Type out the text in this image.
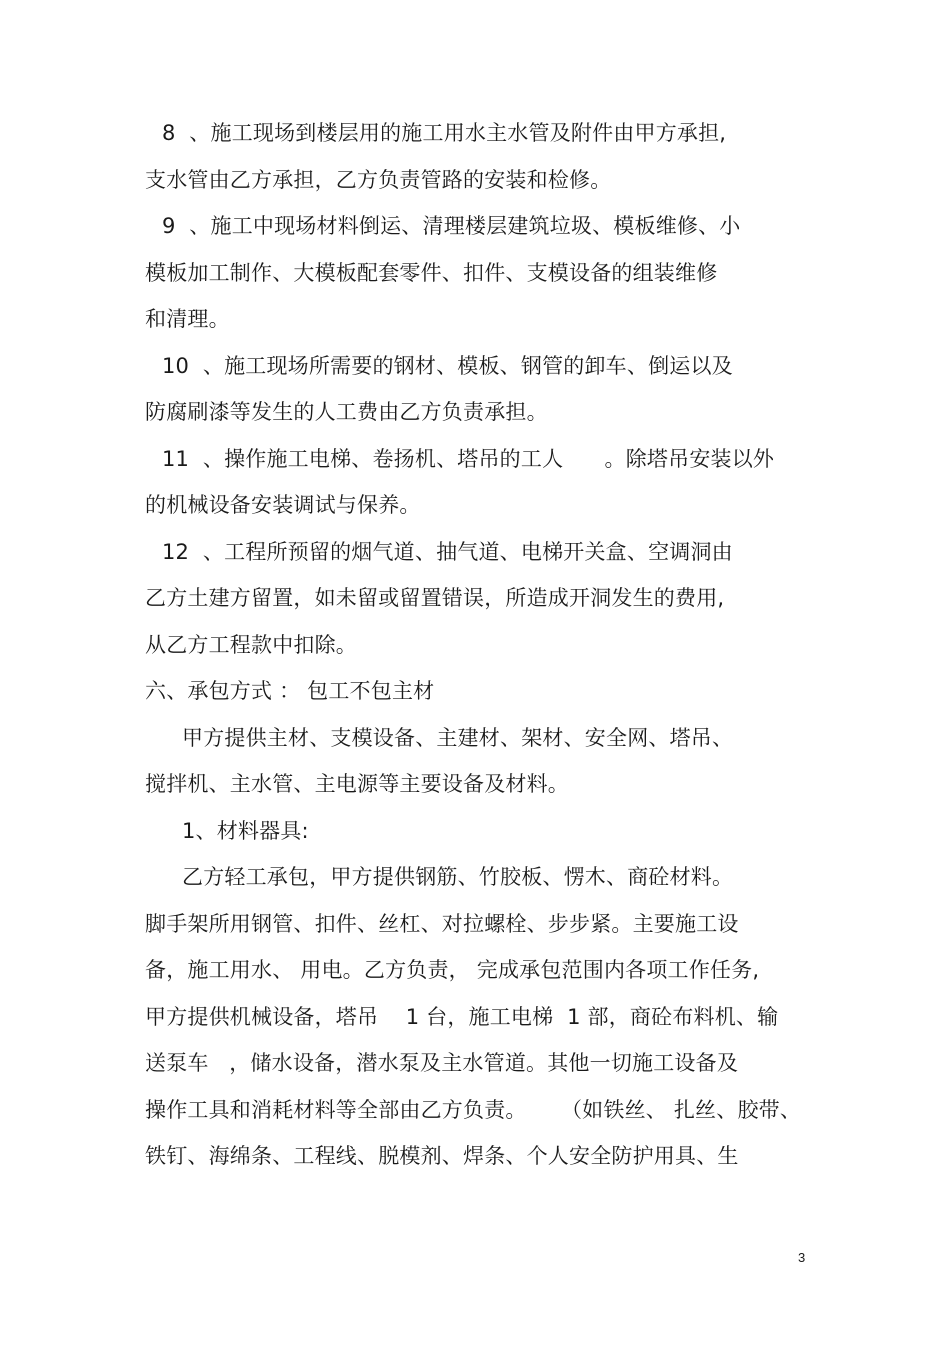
8  、施工现场到楼层用的施工用水主水管及附件由甲方承担,
支水管由乙方承担，乙方负责管路的安装和检修。
9  、施工中现场材料倒运、清理楼层建筑垃圾、模板维修、小
模板加工制作、大模板配套零件、扣件、支模设备的组装维修
和清理。
10  、施工现场所需要的钢材、模板、钢管的卸车、倒运以及
防腐刷漆等发生的人工费由乙方负责承担。
11  、操作施工电梯、卷扬机、塔吊的工人      。除塔吊安装以外
的机械设备安装调试与保养。
12  、工程所预留的烟气道、抽气道、电梯开关盒、空调洞由
乙方土建方留置，如未留或留置错误，所造成开洞发生的费用,
从乙方工程款中扣除。
六、承包方式 ： 包工不包主材
甲方提供主材、支模设备、主建材、架材、安全网、塔吊、
搅拌机、主水管、主电源等主要设备及材料。
1、材料器具:
乙方轻工承包，甲方提供钢筋、竹胶板、愣木、商砼材料。
脚手架所用钢管、扣件、丝杠、对拉螺栓、步步紧。主要施工设
备，施工用水、 用电。乙方负责， 完成承包范围内各项工作任务,
甲方提供机械设备，塔吊    1 台，施工电梯  1 部，商砼布料机、输
送泵车   ，储水设备，潜水泵及主水管道。其他一切施工设备及
操作工具和消耗材料等全部由乙方负责。     （如铁丝、 扎丝、胶带、
铁钉、海绵条、工程线、脱模剂、焊条、个人安全防护用具、生
3
